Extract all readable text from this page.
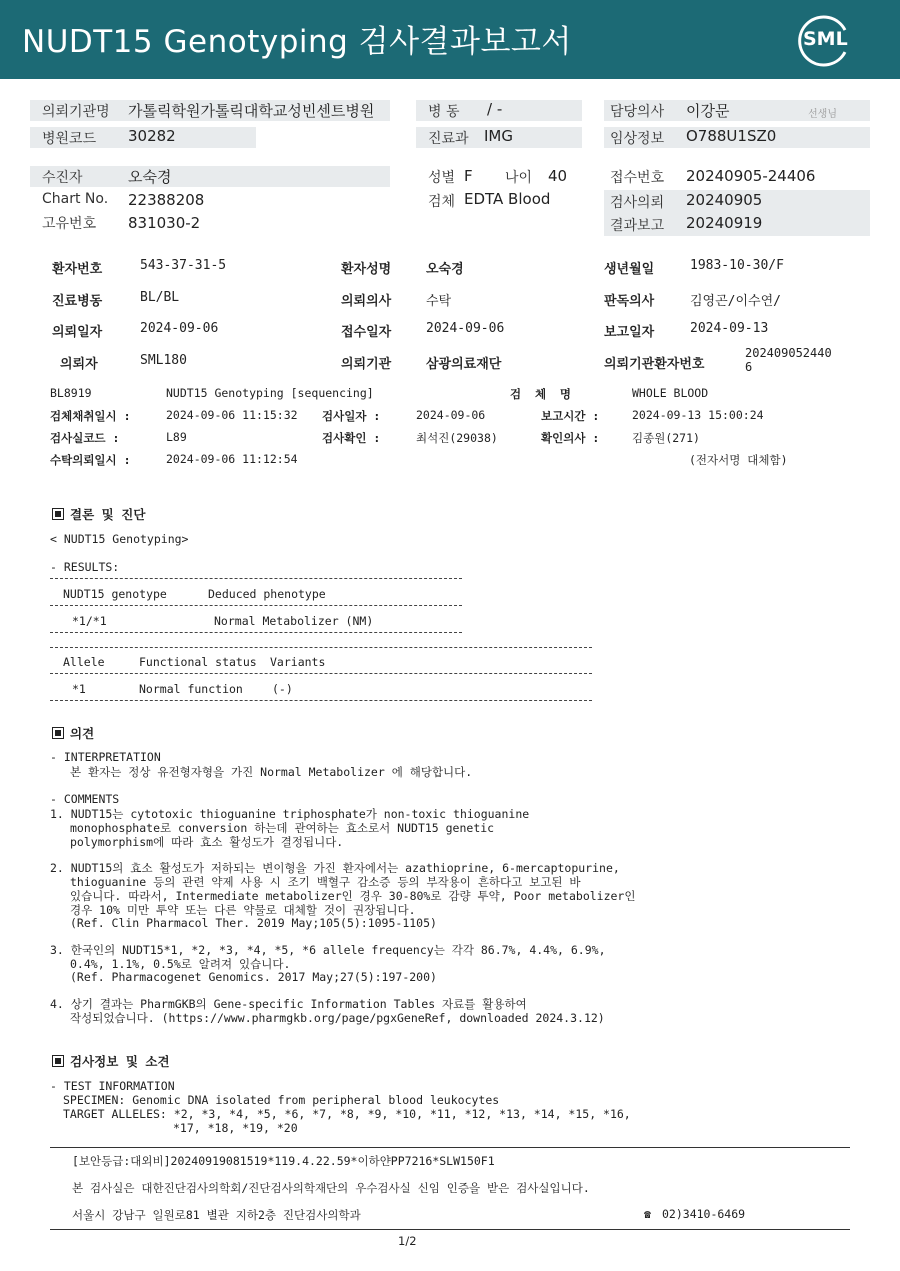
NUDT15 Genotyping 검사결과보고서	SML
의뢰기관명 가톨릭학원가톨릭대학교성빈센트병원
병원코드 30282
병 동 / -
진료과 IMG
담당의사 이강문	선생님
임상정보 O788U1SZ0
수진자	오숙경
Chart No. 22388208
고유번호 831030-2
성별 F 나이 40
검체 EDTA Blood
접수번호 20240905-24406
검사의뢰 20240905
결과보고 20240919
환자번호	543-37-31-5	환자성명	오숙경	생년월일	1983-10-30/F
진료병동	BL/BL	의뢰의사	수탁	판독의사	김영곤/이수연/
의뢰일자	2024-09-06	접수일자	2024-09-06	보고일자	2024-09-13
의뢰자	SML180	의뢰기관	삼광의료재단	의뢰기관환자번호
202409052440
6
BL8919	NUDT15 Genotyping [sequencing]	검  체  명	WHOLE BLOOD
검체채취일시 :	2024-09-06 11:15:32 검사일자 :	2024-09-06	보고시간 :	2024-09-13 15:00:24
검사실코드 :	L89	검사확인 :	최석진(29038)	확인의사 :	김종원(271)
수탁의뢰일시 :	2024-09-06 11:12:54	(전자서명 대체함)
결론 및 진단
< NUDT15 Genotyping>
- RESULTS:
NUDT15 genotype	Deduced phenotype
*1/*1	Normal Metabolizer (NM)
Allele	Functional status Variants
*1	Normal function	(-)
의견
- INTERPRETATION
본 환자는 정상 유전형자형을 가진 Normal Metabolizer 에 해당합니다.
- COMMENTS
1. NUDT15는 cytotoxic thioguanine triphosphate가 non-toxic thioguanine
monophosphate로 conversion 하는데 관여하는 효소로서 NUDT15 genetic
polymorphism에 따라 효소 활성도가 결정됩니다.
2. NUDT15의 효소 활성도가 저하되는 변이형을 가진 환자에서는 azathioprine, 6-mercaptopurine,
thioguanine 등의 관련 약제 사용 시 조기 백혈구 감소증 등의 부작용이 흔하다고 보고된 바
있습니다. 따라서, Intermediate metabolizer인 경우 30-80%로 감량 투약, Poor metabolizer인
경우 10% 미만 투약 또는 다른 약물로 대체할 것이 권장됩니다.
(Ref. Clin Pharmacol Ther. 2019 May;105(5):1095-1105)
3. 한국인의 NUDT15*1, *2, *3, *4, *5, *6 allele frequency는 각각 86.7%, 4.4%, 6.9%,
0.4%, 1.1%, 0.5%로 알려져 있습니다.
(Ref. Pharmacogenet Genomics. 2017 May;27(5):197-200)
4. 상기 결과는 PharmGKB의 Gene-specific Information Tables 자료를 활용하여
작성되었습니다. (https://www.pharmgkb.org/page/pgxGeneRef, downloaded 2024.3.12)
검사정보 및 소견
- TEST INFORMATION
SPECIMEN: Genomic DNA isolated from peripheral blood leukocytes
TARGET ALLELES: *2, *3, *4, *5, *6, *7, *8, *9, *10, *11, *12, *13, *14, *15, *16,
*17, *18, *19, *20
[보안등급:대외비]20240919081519*119.4.22.59*이하얀PP7216*SLW150F1
본 검사실은 대한진단검사의학회/진단검사의학재단의 우수검사실 신임 인증을 받은 검사실입니다.
서울시 강남구 일원로81 별관 지하2층 진단검사의학과	☎ 02)3410-6469
1/2
